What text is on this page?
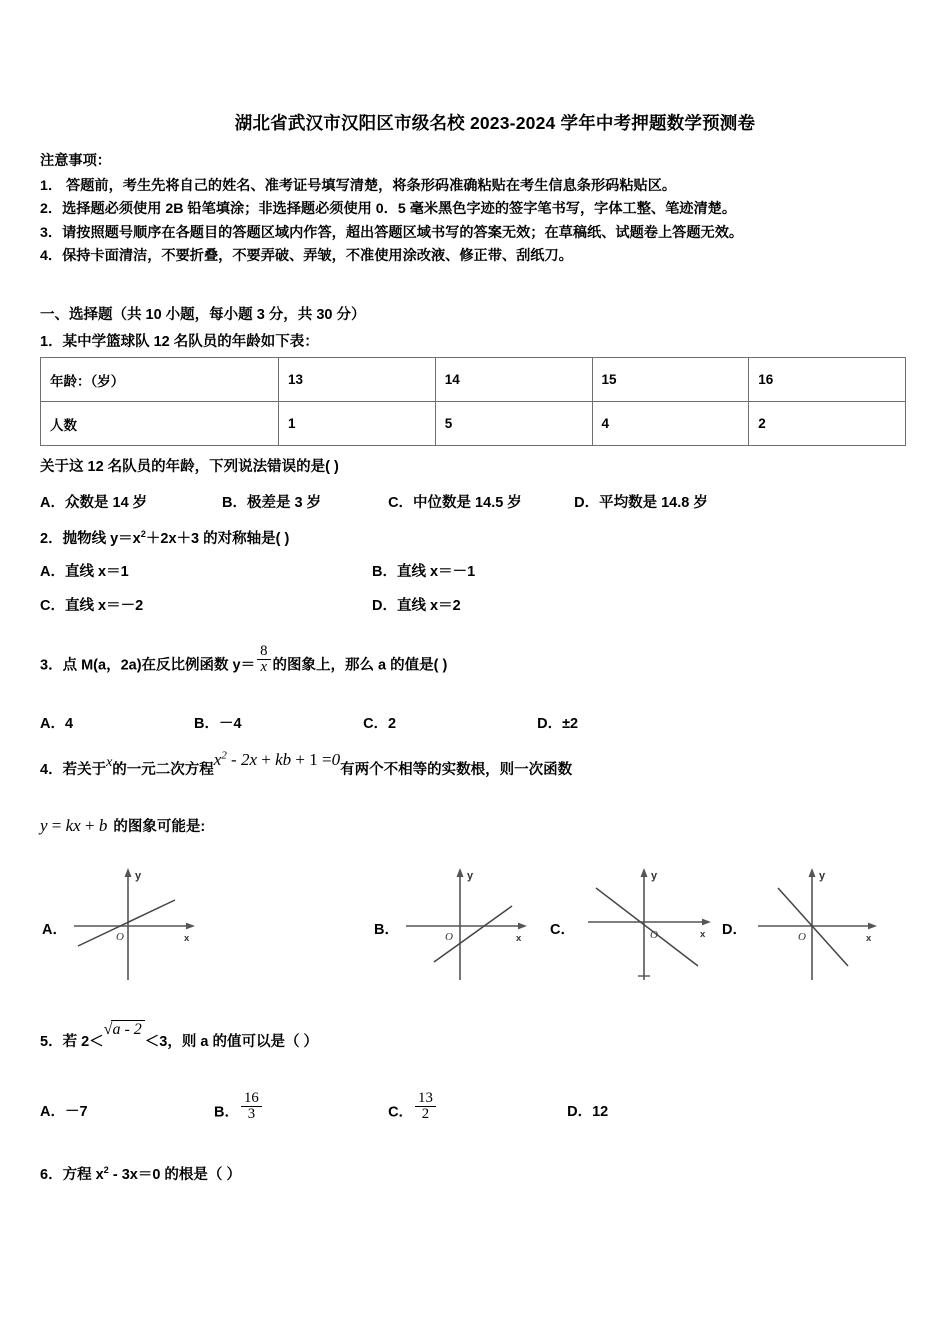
湖北省武汉市汉阳区市级名校 2023-2024 学年中考押题数学预测卷
注意事项：
1． 答题前，考生先将自己的姓名、准考证号填写清楚，将条形码准确粘贴在考生信息条形码粘贴区。
2．选择题必须使用 2B 铅笔填涂；非选择题必须使用 0．5 毫米黑色字迹的签字笔书写，字体工整、笔迹清楚。
3．请按照题号顺序在各题目的答题区域内作答，超出答题区域书写的答案无效；在草稿纸、试题卷上答题无效。
4．保持卡面清洁，不要折叠，不要弄破、弄皱，不准使用涂改液、修正带、刮纸刀。
一、选择题（共 10 小题，每小题 3 分，共 30 分）
1．某中学篮球队 12 名队员的年龄如下表：
年龄：（岁）	13	14	15	16
人数	1	5	4	2
关于这 12 名队员的年龄，下列说法错误的是( )
A．众数是 14 岁	B．极差是 3 岁	C．中位数是 14.5 岁	D．平均数是 14.8 岁
2．抛物线 $y=x^2+2x+3$ 的对称轴是( )
A．直线 x＝1	B．直线 x＝－1
C．直线 x＝－2	D．直线 x＝2
3．点 M(a，2a)在反比例函数 $y= \frac{8}{x}$ 的图象上，那么 a 的值是( )
A．4	B．－4	C．2	D．±2
4．若关于x的一元二次方程$x^2 - 2x$ + kb + 1 =0有两个不相等的实数根，则一次函数
y = kx + b 的图象可能是:
A．
y
x
O	B．
y
x
O	C．
y
x
O	D．
y
x
O
5．若 2＜√a - 2＜3，则 a 的值可以是（ ）
A．－7	B． $\frac{16}{3}$	C． $\frac{13}{2}$	D．12
6．方程 $x^2 - 3x=0$ 的根是（ ）
